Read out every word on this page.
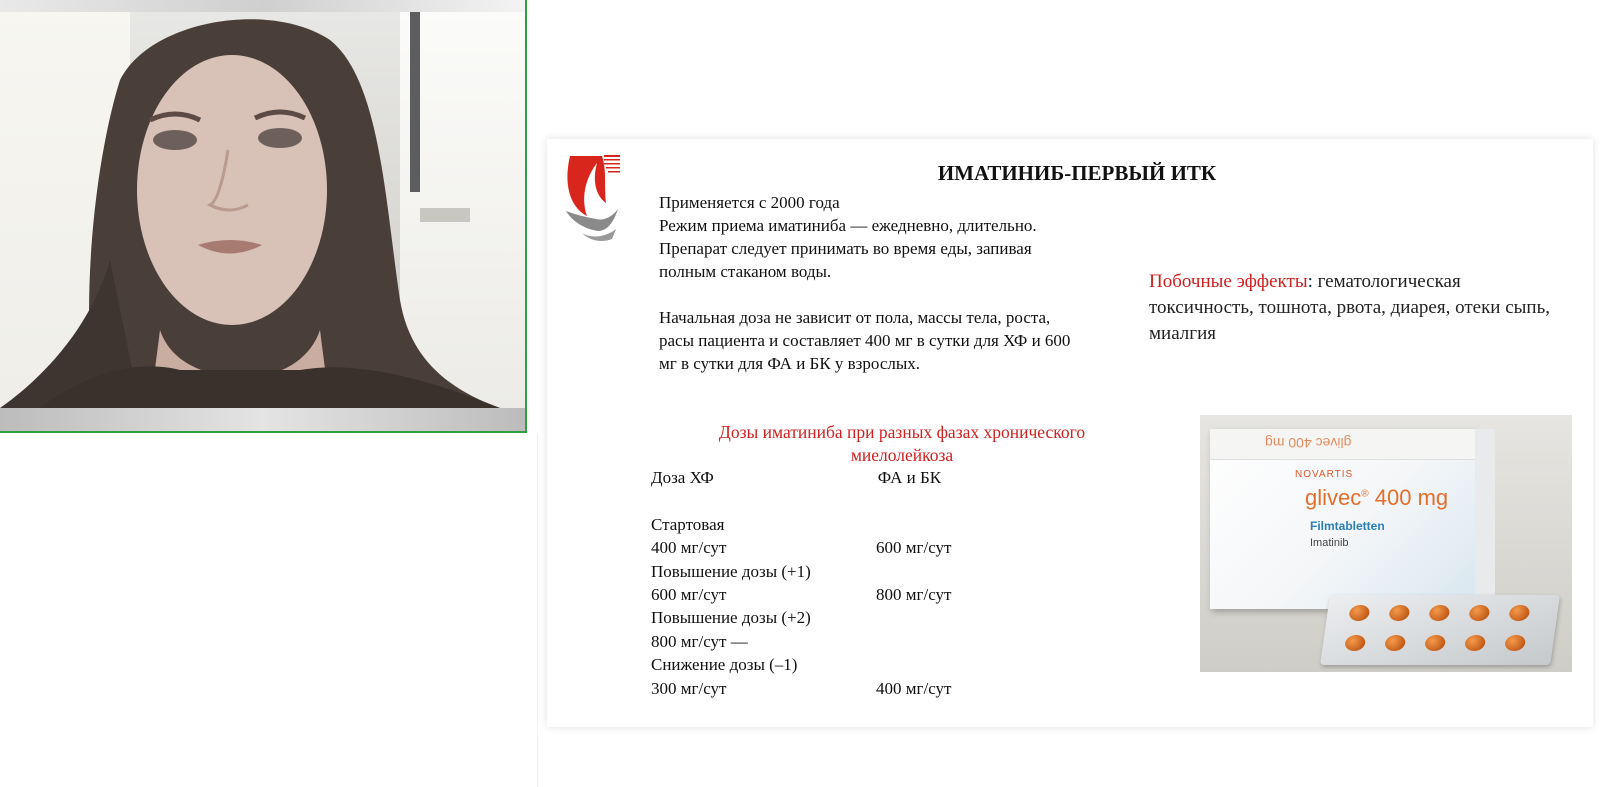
ИМАТИНИБ-ПЕРВЫЙ ИТК

Применяется с 2000 года
Режим приема иматиниба — ежедневно, длительно. Препарат следует принимать во время еды, запивая полным стаканом воды.

Начальная доза не зависит от пола, массы тела, роста, расы пациента и составляет 400 мг в сутки для ХФ и 600 мг в сутки для ФА и БК у взрослых.

Побочные эффекты: гематологическая токсичность, тошнота, рвота, диарея, отеки сыпь, миалгия
Дозы иматиниба при разных фазах хронического миелолейкоза
Доза ХФ	ФА и БК
Стартовая
400 мг/сут	600 мг/сут
Повышение дозы (+1)
600 мг/сут	800 мг/сут
Повышение дозы (+2)
800 мг/сут —
Снижение дозы (–1)
300 мг/сут	400 мг/сут
glivec 400 mg
NOVARTIS
glivec® 400 mg
Filmtabletten
Imatinib
